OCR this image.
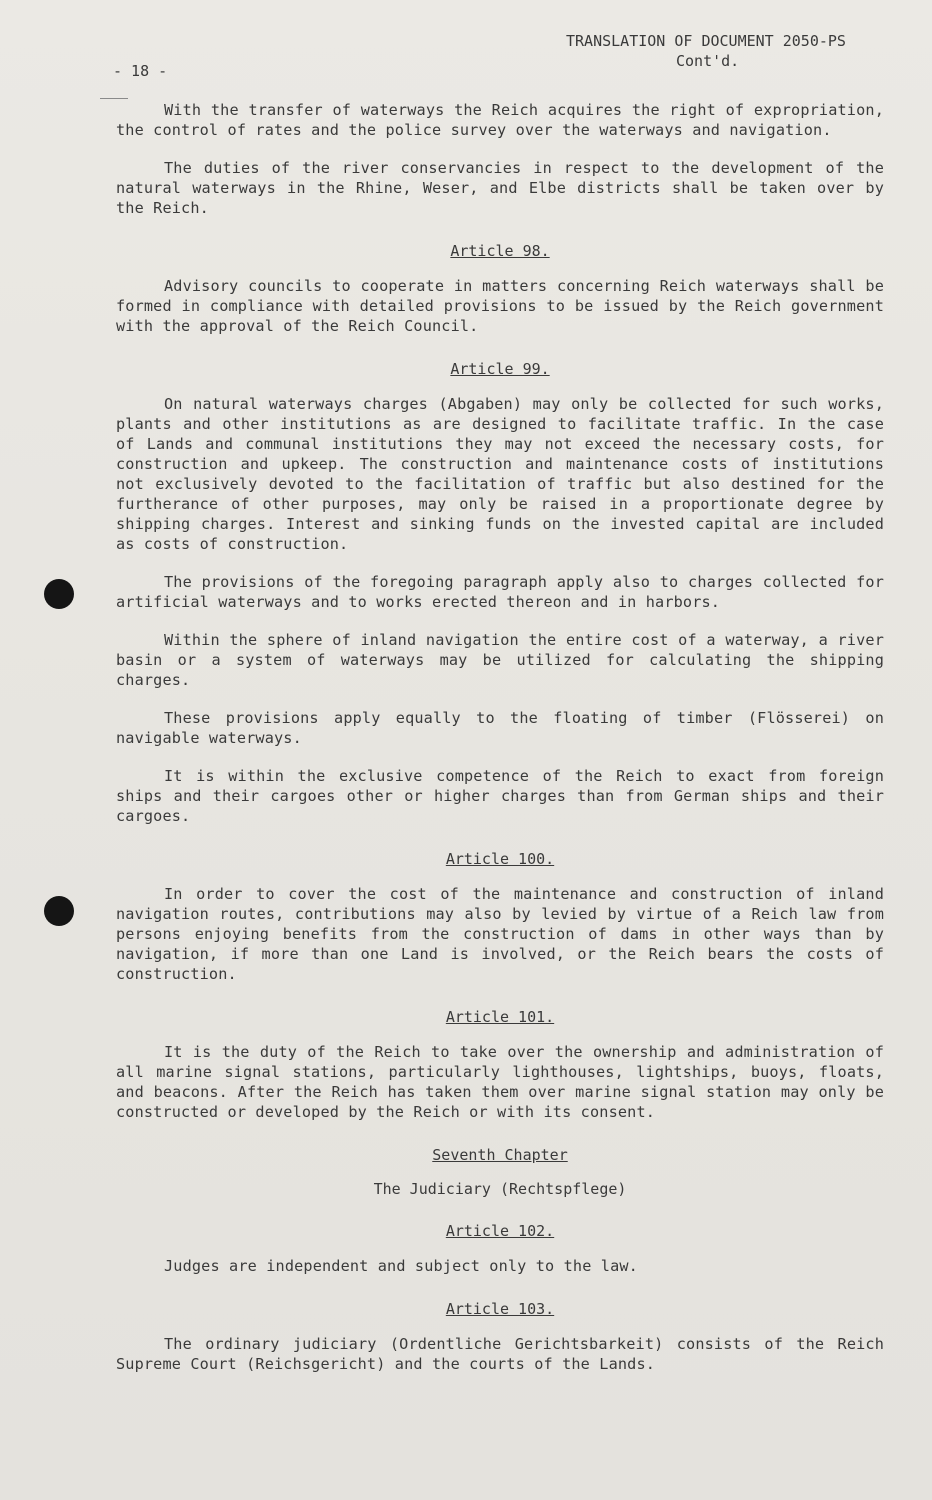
TRANSLATION OF DOCUMENT 2050-PS
Cont'd.
- 18 -

With the transfer of waterways the Reich acquires the right of expropriation, the control of rates and the police survey over the waterways and navigation.

The duties of the river conservancies in respect to the development of the natural waterways in the Rhine, Weser, and Elbe districts shall be taken over by the Reich.

Article 98.

Advisory councils to cooperate in matters concerning Reich waterways shall be formed in compliance with detailed provisions to be issued by the Reich government with the approval of the Reich Council.

Article 99.

On natural waterways charges (Abgaben) may only be collected for such works, plants and other institutions as are designed to facilitate traffic. In the case of Lands and communal institutions they may not exceed the necessary costs, for construction and upkeep. The construction and maintenance costs of institutions not exclusively devoted to the facilitation of traffic but also destined for the furtherance of other purposes, may only be raised in a proportionate degree by shipping charges. Interest and sinking funds on the invested capital are included as costs of construction.

The provisions of the foregoing paragraph apply also to charges collected for artificial waterways and to works erected thereon and in harbors.

Within the sphere of inland navigation the entire cost of a waterway, a river basin or a system of waterways may be utilized for calculating the shipping charges.

These provisions apply equally to the floating of timber (Flösserei) on navigable waterways.

It is within the exclusive competence of the Reich to exact from foreign ships and their cargoes other or higher charges than from German ships and their cargoes.

Article 100.

In order to cover the cost of the maintenance and construction of inland navigation routes, contributions may also by levied by virtue of a Reich law from persons enjoying benefits from the construction of dams in other ways than by navigation, if more than one Land is involved, or the Reich bears the costs of construction.

Article 101.

It is the duty of the Reich to take over the ownership and administration of all marine signal stations, particularly lighthouses, lightships, buoys, floats, and beacons. After the Reich has taken them over marine signal station may only be constructed or developed by the Reich or with its consent.

Seventh Chapter
The Judiciary (Rechtspflege)
Article 102.

Judges are independent and subject only to the law.

Article 103.

The ordinary judiciary (Ordentliche Gerichtsbarkeit) consists of the Reich Supreme Court (Reichsgericht) and the courts of the Lands.
